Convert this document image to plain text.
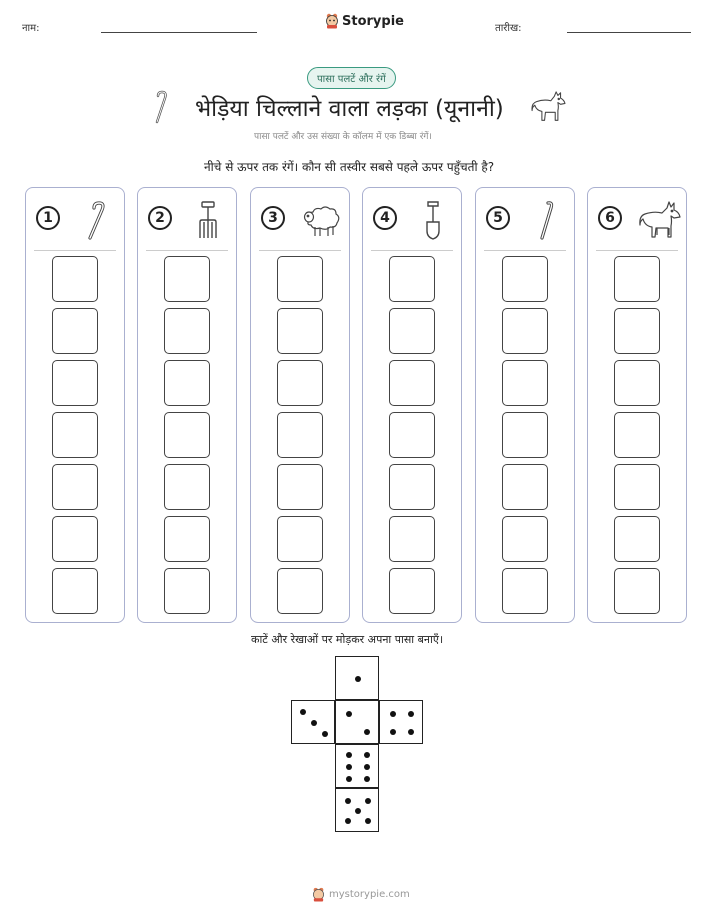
नाम:	Storypie	तारीख:
पासा पलटें और रंगें
भेड़िया चिल्लाने वाला लड़का (यूनानी)
पासा पलटें और उस संख्या के कॉलम में एक डिब्बा रंगें।
नीचे से ऊपर तक रंगें। कौन सी तस्वीर सबसे पहले ऊपर पहुँचती है?
1	2	3	4	5	6
काटें और रेखाओं पर मोड़कर अपना पासा बनाएँ।
mystorypie.com
